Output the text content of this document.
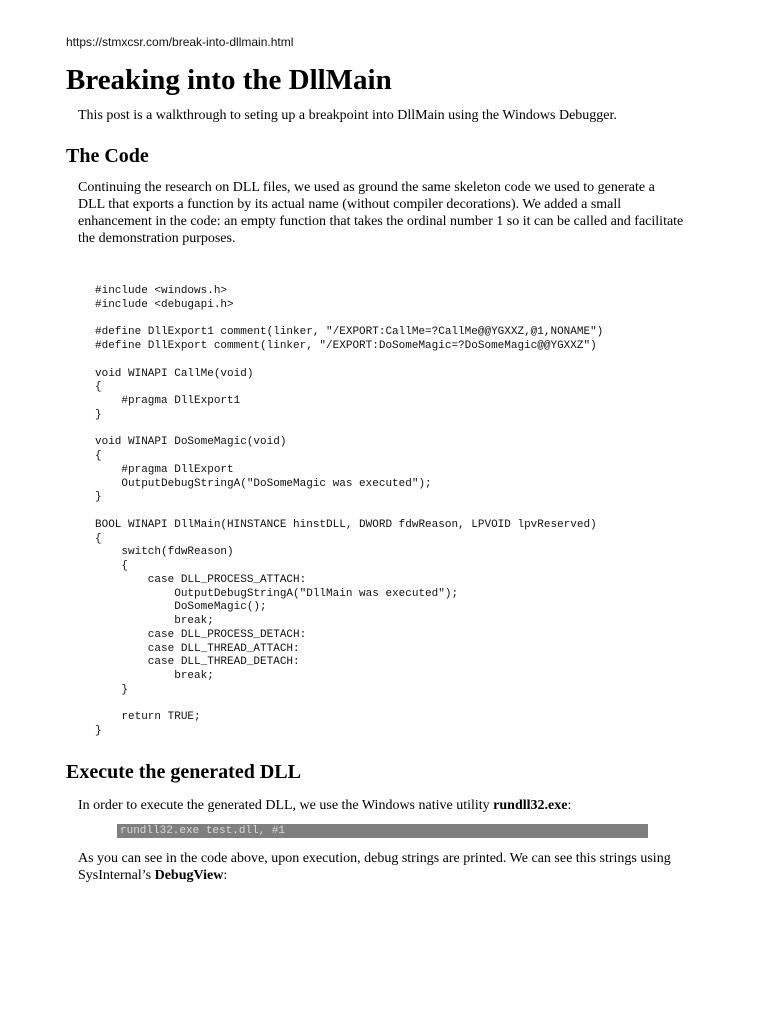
https://stmxcsr.com/break-into-dllmain.html
Breaking into the DllMain

This post is a walkthrough to seting up a breakpoint into DllMain using the Windows Debugger.

The Code

Continuing the research on DLL files, we used as ground the same skeleton code we used to generate a
DLL that exports a function by its actual name (without compiler decorations). We added a small
enhancement in the code: an empty function that takes the ordinal number 1 so it can be called and facilitate
the demonstration purposes.

#include <windows.h>
#include <debugapi.h>

#define DllExport1 comment(linker, "/EXPORT:CallMe=?CallMe@@YGXXZ,@1,NONAME")
#define DllExport comment(linker, "/EXPORT:DoSomeMagic=?DoSomeMagic@@YGXXZ")

void WINAPI CallMe(void)
{
#pragma DllExport1
}

void WINAPI DoSomeMagic(void)
{
#pragma DllExport
OutputDebugStringA("DoSomeMagic was executed");
}

BOOL WINAPI DllMain(HINSTANCE hinstDLL, DWORD fdwReason, LPVOID lpvReserved)
{
switch(fdwReason)
{
case DLL_PROCESS_ATTACH:
OutputDebugStringA("DllMain was executed");
DoSomeMagic();
break;
case DLL_PROCESS_DETACH:
case DLL_THREAD_ATTACH:
case DLL_THREAD_DETACH:
break;
}

return TRUE;
}
Execute the generated DLL

In order to execute the generated DLL, we use the Windows native utility rundll32.exe:

rundll32.exe test.dll, #1

As you can see in the code above, upon execution, debug strings are printed. We can see this strings using
SysInternal’s DebugView:
